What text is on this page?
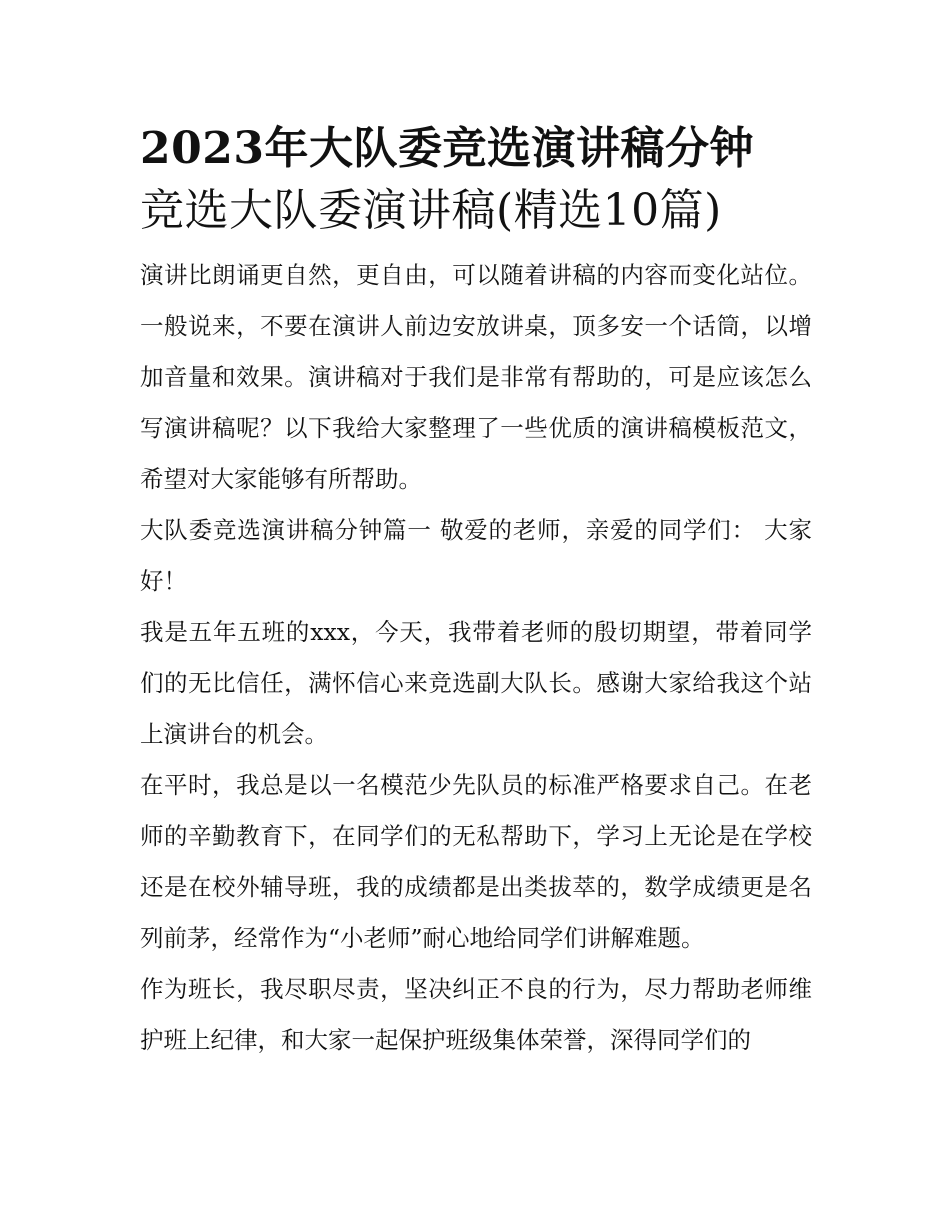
2023年大队委竞选演讲稿分钟
竞选大队委演讲稿(精选10篇)

演讲比朗诵更自然，更自由，可以随着讲稿的内容而变化站位。一般说来，不要在演讲人前边安放讲桌，顶多安一个话筒，以增加音量和效果。演讲稿对于我们是非常有帮助的，可是应该怎么写演讲稿呢？以下我给大家整理了一些优质的演讲稿模板范文，希望对大家能够有所帮助。

大队委竞选演讲稿分钟篇一 敬爱的老师，亲爱的同学们： 大家好！

我是五年五班的xxx，今天，我带着老师的殷切期望，带着同学们的无比信任，满怀信心来竞选副大队长。感谢大家给我这个站上演讲台的机会。

在平时，我总是以一名模范少先队员的标准严格要求自己。在老师的辛勤教育下，在同学们的无私帮助下，学习上无论是在学校还是在校外辅导班，我的成绩都是出类拔萃的，数学成绩更是名列前茅，经常作为“小老师”耐心地给同学们讲解难题。

作为班长，我尽职尽责，坚决纠正不良的行为，尽力帮助老师维护班上纪律，和大家一起保护班级集体荣誉，深得同学们的
